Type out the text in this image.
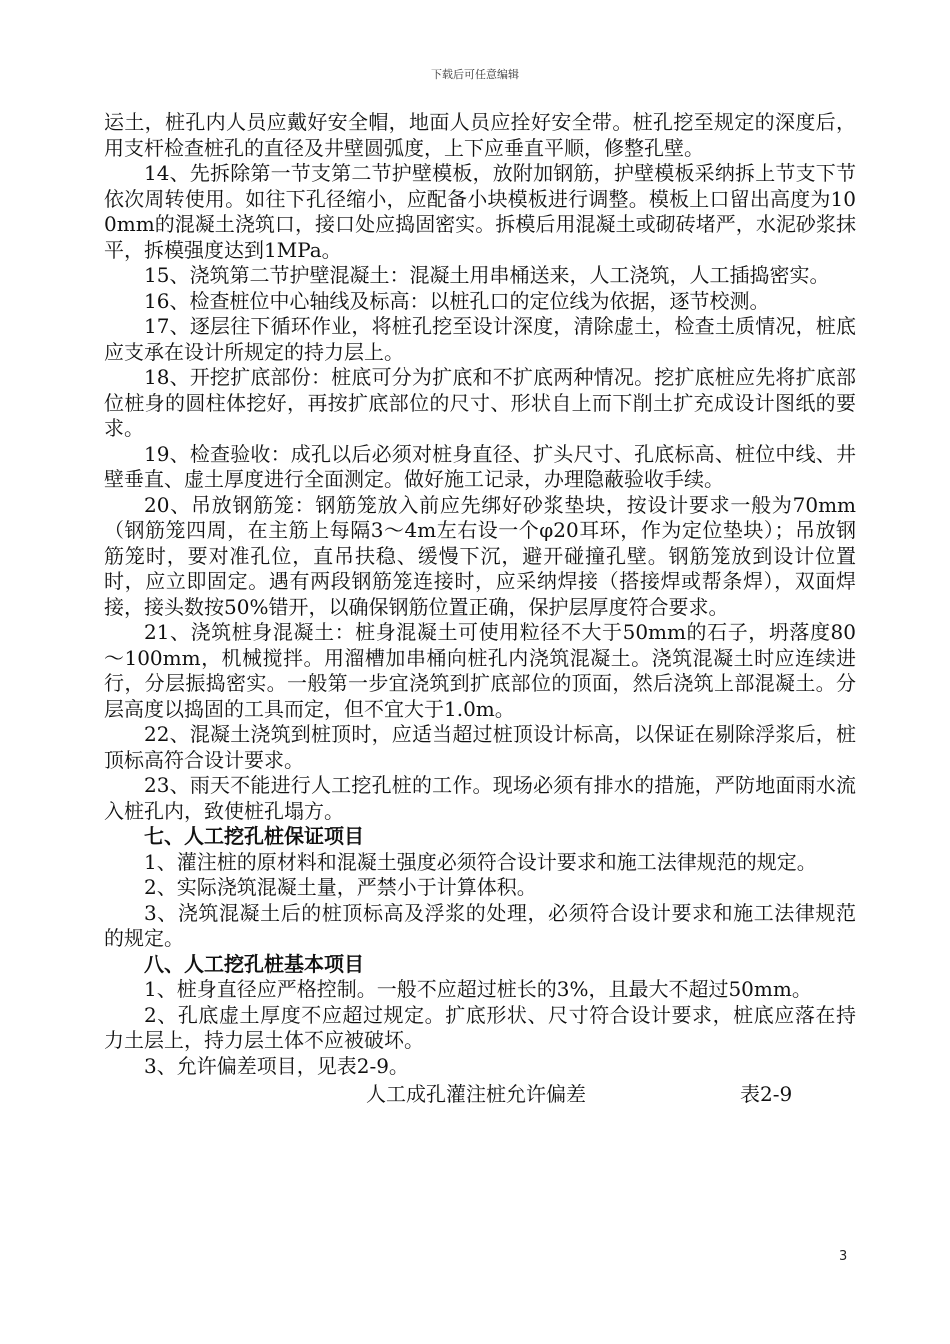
下载后可任意编辑

运土，桩孔内人员应戴好安全帽，地面人员应拴好安全带。桩孔挖至规定的深度后，用支杆检查桩孔的直径及井壁圆弧度，上下应垂直平顺，修整孔壁。

14、先拆除第一节支第二节护壁模板，放附加钢筋，护壁模板采纳拆上节支下节依次周转使用。如往下孔径缩小，应配备小块模板进行调整。模板上口留出高度为100mm的混凝土浇筑口，接口处应捣固密实。拆模后用混凝土或砌砖堵严，水泥砂浆抹平，拆模强度达到1MPa。

15、浇筑第二节护壁混凝土：混凝土用串桶送来，人工浇筑，人工插捣密实。

16、检查桩位中心轴线及标高：以桩孔口的定位线为依据，逐节校测。

17、逐层往下循环作业，将桩孔挖至设计深度，清除虚土，检查土质情况，桩底应支承在设计所规定的持力层上。

18、开挖扩底部份：桩底可分为扩底和不扩底两种情况。挖扩底桩应先将扩底部位桩身的圆柱体挖好，再按扩底部位的尺寸、形状自上而下削土扩充成设计图纸的要求。

19、检查验收：成孔以后必须对桩身直径、扩头尺寸、孔底标高、桩位中线、井壁垂直、虚土厚度进行全面测定。做好施工记录，办理隐蔽验收手续。

20、吊放钢筋笼：钢筋笼放入前应先绑好砂浆垫块，按设计要求一般为70mm（钢筋笼四周，在主筋上每隔3～4m左右设一个φ20耳环，作为定位垫块）；吊放钢筋笼时，要对准孔位，直吊扶稳、缓慢下沉，避开碰撞孔壁。钢筋笼放到设计位置时，应立即固定。遇有两段钢筋笼连接时，应采纳焊接（搭接焊或帮条焊），双面焊接，接头数按50%错开，以确保钢筋位置正确，保护层厚度符合要求。

21、浇筑桩身混凝土：桩身混凝土可使用粒径不大于50mm的石子，坍落度80～100mm，机械搅拌。用溜槽加串桶向桩孔内浇筑混凝土。浇筑混凝土时应连续进行，分层振捣密实。一般第一步宜浇筑到扩底部位的顶面，然后浇筑上部混凝土。分层高度以捣固的工具而定，但不宜大于1.0m。

22、混凝土浇筑到桩顶时，应适当超过桩顶设计标高，以保证在剔除浮浆后，桩顶标高符合设计要求。

23、雨天不能进行人工挖孔桩的工作。现场必须有排水的措施，严防地面雨水流入桩孔内，致使桩孔塌方。

七、人工挖孔桩保证项目

1、灌注桩的原材料和混凝土强度必须符合设计要求和施工法律规范的规定。

2、实际浇筑混凝土量，严禁小于计算体积。

3、浇筑混凝土后的桩顶标高及浮浆的处理，必须符合设计要求和施工法律规范的规定。

八、人工挖孔桩基本项目

1、桩身直径应严格控制。一般不应超过桩长的3%，且最大不超过50mm。

2、孔底虚土厚度不应超过规定。扩底形状、尺寸符合设计要求，桩底应落在持力土层上，持力层土体不应被破坏。

3、允许偏差项目，见表2-9。

人工成孔灌注桩允许偏差	表2-9
3
